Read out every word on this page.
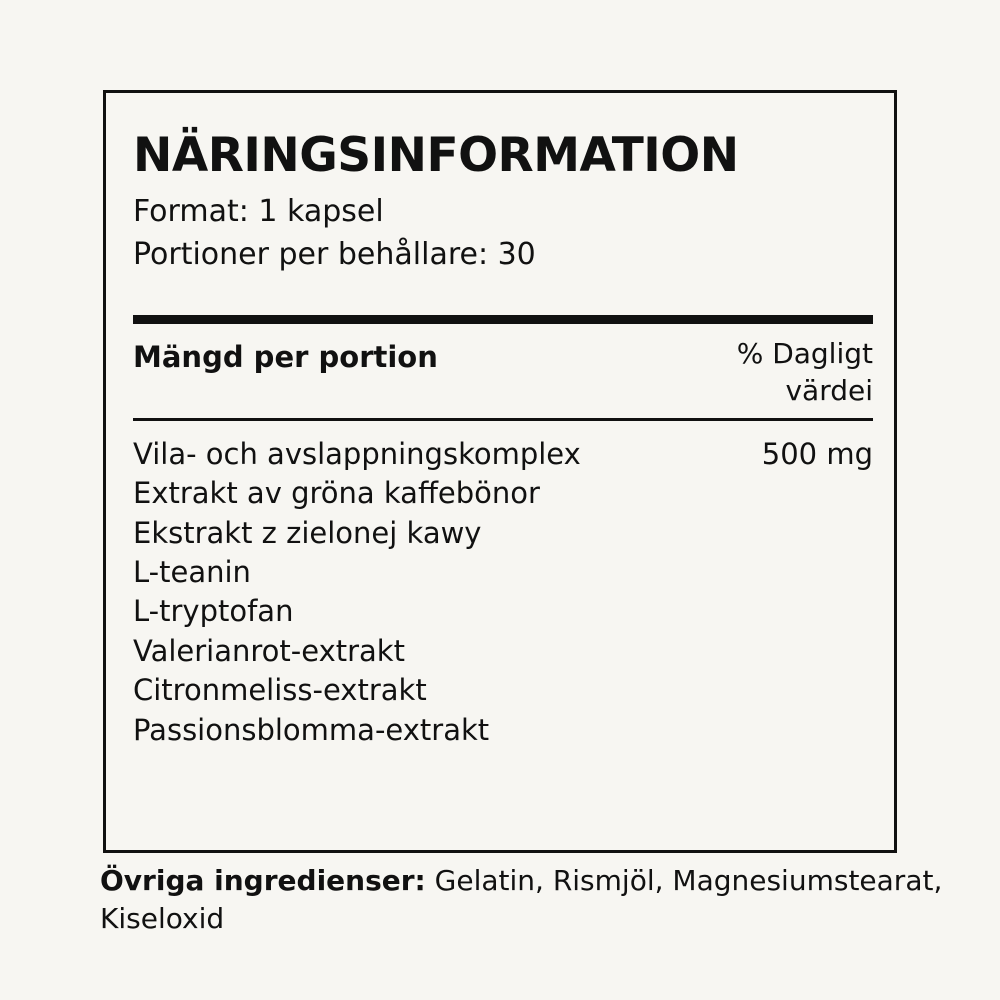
NÄRINGSINFORMATION

Format: 1 kapsel

Portioner per behållare: 30

Mängd per portion	% Dagligt värdei
Vila- och avslappningskomplex	500 mg
Extrakt av gröna kaffebönor
Ekstrakt z zielonej kawy
L-teanin
L-tryptofan
Valerianrot-extrakt
Citronmeliss-extrakt
Passionsblomma-extrakt
Övriga ingredienser: Gelatin, Rismjöl, Magnesiumstearat, Kiseloxid
